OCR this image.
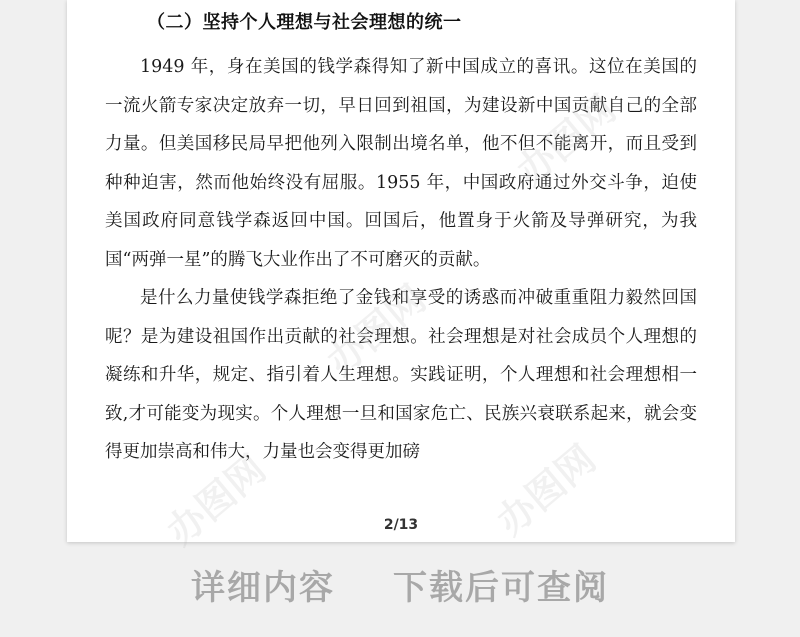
（二）坚持个人理想与社会理想的统一

1949 年，身在美国的钱学森得知了新中国成立的喜讯。这位在美国的一流火箭专家决定放弃一切，早日回到祖国，为建设新中国贡献自己的全部力量。但美国移民局早把他列入限制出境名单，他不但不能离开，而且受到种种迫害，然而他始终没有屈服。1955 年，中国政府通过外交斗争，迫使美国政府同意钱学森返回中国。回国后，他置身于火箭及导弹研究，为我国“两弹一星”的腾飞大业作出了不可磨灭的贡献。

是什么力量使钱学森拒绝了金钱和享受的诱惑而冲破重重阻力毅然回国呢？是为建设祖国作出贡献的社会理想。社会理想是对社会成员个人理想的凝练和升华，规定、指引着人生理想。实践证明，个人理想和社会理想相一致,才可能变为现实。个人理想一旦和国家危亡、民族兴衰联系起来，就会变得更加崇高和伟大，力量也会变得更加磅

办图网
办图网
办图网
办图网	2/13
详细内容 下载后可查阅
